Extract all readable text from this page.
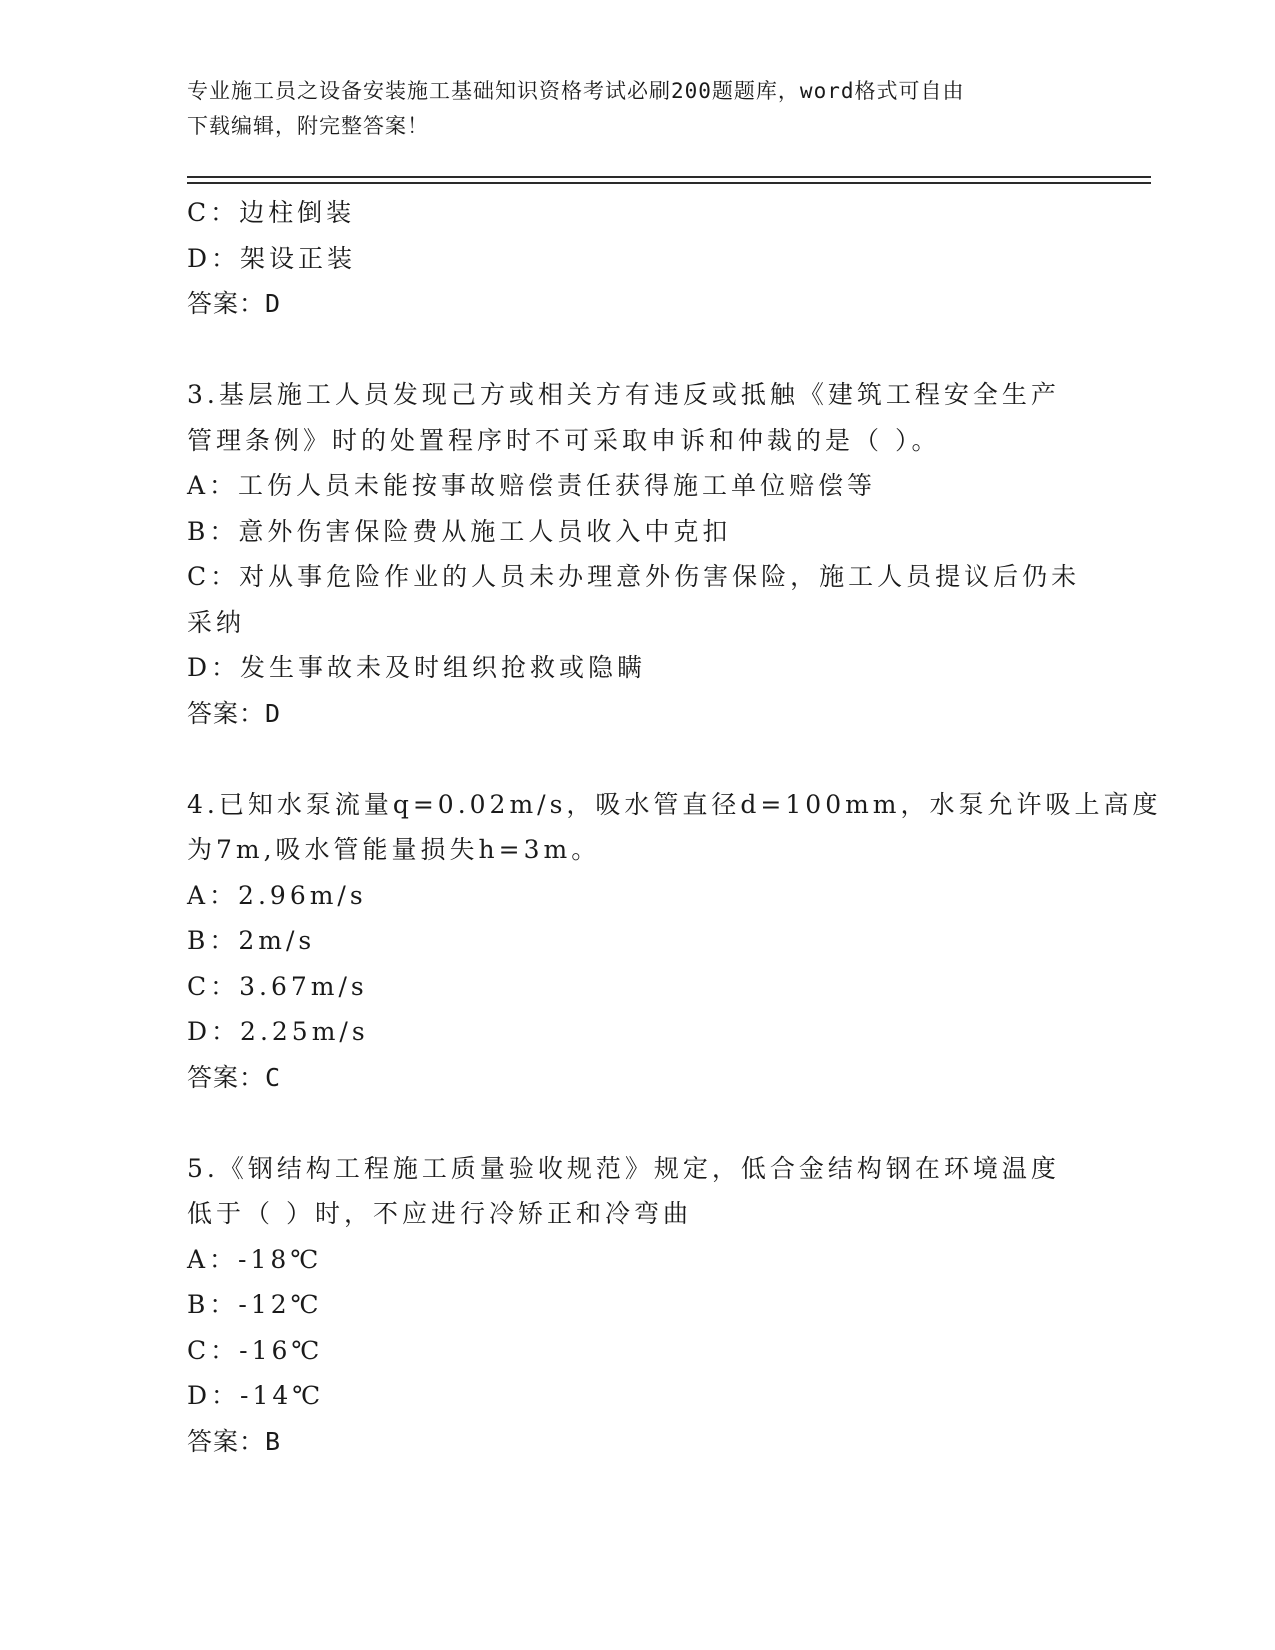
专业施工员之设备安装施工基础知识资格考试必刷200题题库，word格式可自由
下载编辑，附完整答案！
C：边柱倒装
D：架设正装
答案：D
3.基层施工人员发现己方或相关方有违反或抵触《建筑工程安全生产
管理条例》时的处置程序时不可采取申诉和仲裁的是（ ）。
A：工伤人员未能按事故赔偿责任获得施工单位赔偿等
B：意外伤害保险费从施工人员收入中克扣
C：对从事危险作业的人员未办理意外伤害保险，施工人员提议后仍未
采纳
D：发生事故未及时组织抢救或隐瞒
答案：D
4.已知水泵流量q=0.02m/s，吸水管直径d=100mm，水泵允许吸上高度
为7m,吸水管能量损失h=3m。
A：2.96m/s
B：2m/s
C：3.67m/s
D：2.25m/s
答案：C
5.《钢结构工程施工质量验收规范》规定，低合金结构钢在环境温度
低于（ ）时，不应进行冷矫正和冷弯曲
A：-18℃
B：-12℃
C：-16℃
D：-14℃
答案：B
